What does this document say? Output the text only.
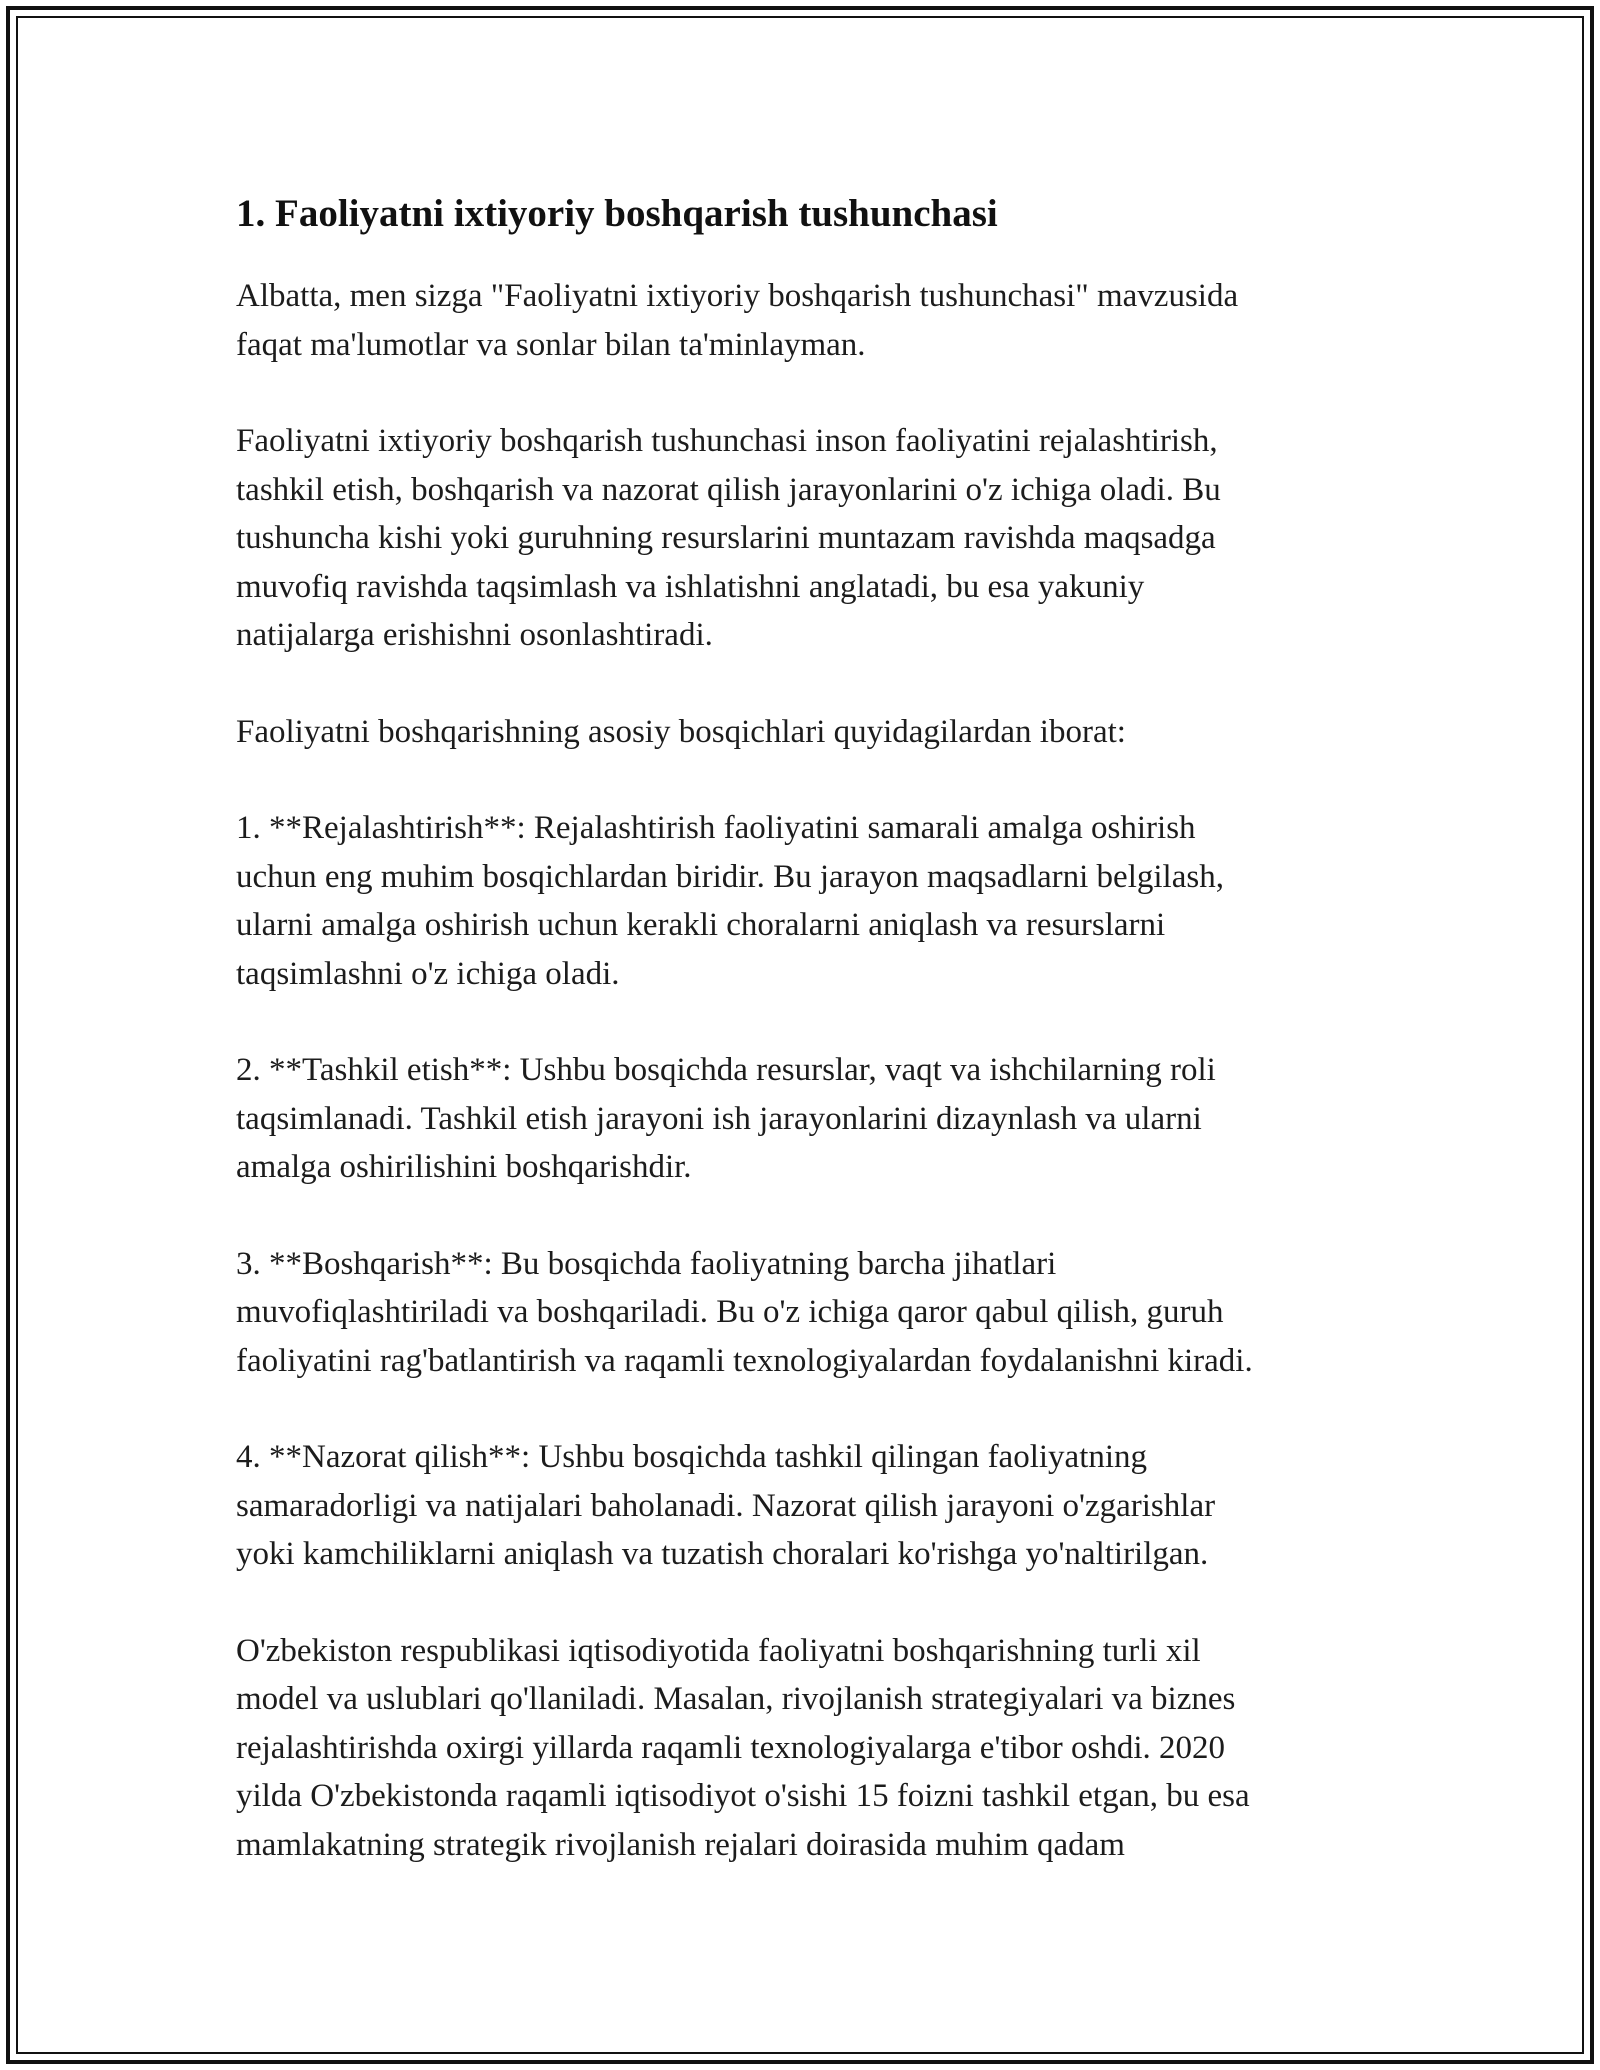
1. Faoliyatni ixtiyoriy boshqarish tushunchasi

Albatta, men sizga "Faoliyatni ixtiyoriy boshqarish tushunchasi" mavzusida
faqat ma'lumotlar va sonlar bilan ta'minlayman.

Faoliyatni ixtiyoriy boshqarish tushunchasi inson faoliyatini rejalashtirish,
tashkil etish, boshqarish va nazorat qilish jarayonlarini o'z ichiga oladi. Bu
tushuncha kishi yoki guruhning resurslarini muntazam ravishda maqsadga
muvofiq ravishda taqsimlash va ishlatishni anglatadi, bu esa yakuniy
natijalarga erishishni osonlashtiradi.

Faoliyatni boshqarishning asosiy bosqichlari quyidagilardan iborat:

1. **Rejalashtirish**: Rejalashtirish faoliyatini samarali amalga oshirish
uchun eng muhim bosqichlardan biridir. Bu jarayon maqsadlarni belgilash,
ularni amalga oshirish uchun kerakli choralarni aniqlash va resurslarni
taqsimlashni o'z ichiga oladi.

2. **Tashkil etish**: Ushbu bosqichda resurslar, vaqt va ishchilarning roli
taqsimlanadi. Tashkil etish jarayoni ish jarayonlarini dizaynlash va ularni
amalga oshirilishini boshqarishdir.

3. **Boshqarish**: Bu bosqichda faoliyatning barcha jihatlari
muvofiqlashtiriladi va boshqariladi. Bu o'z ichiga qaror qabul qilish, guruh
faoliyatini rag'batlantirish va raqamli texnologiyalardan foydalanishni kiradi.

4. **Nazorat qilish**: Ushbu bosqichda tashkil qilingan faoliyatning
samaradorligi va natijalari baholanadi. Nazorat qilish jarayoni o'zgarishlar
yoki kamchiliklarni aniqlash va tuzatish choralari ko'rishga yo'naltirilgan.

O'zbekiston respublikasi iqtisodiyotida faoliyatni boshqarishning turli xil
model va uslublari qo'llaniladi. Masalan, rivojlanish strategiyalari va biznes
rejalashtirishda oxirgi yillarda raqamli texnologiyalarga e'tibor oshdi. 2020
yilda O'zbekistonda raqamli iqtisodiyot o'sishi 15 foizni tashkil etgan, bu esa
mamlakatning strategik rivojlanish rejalari doirasida muhim qadam
